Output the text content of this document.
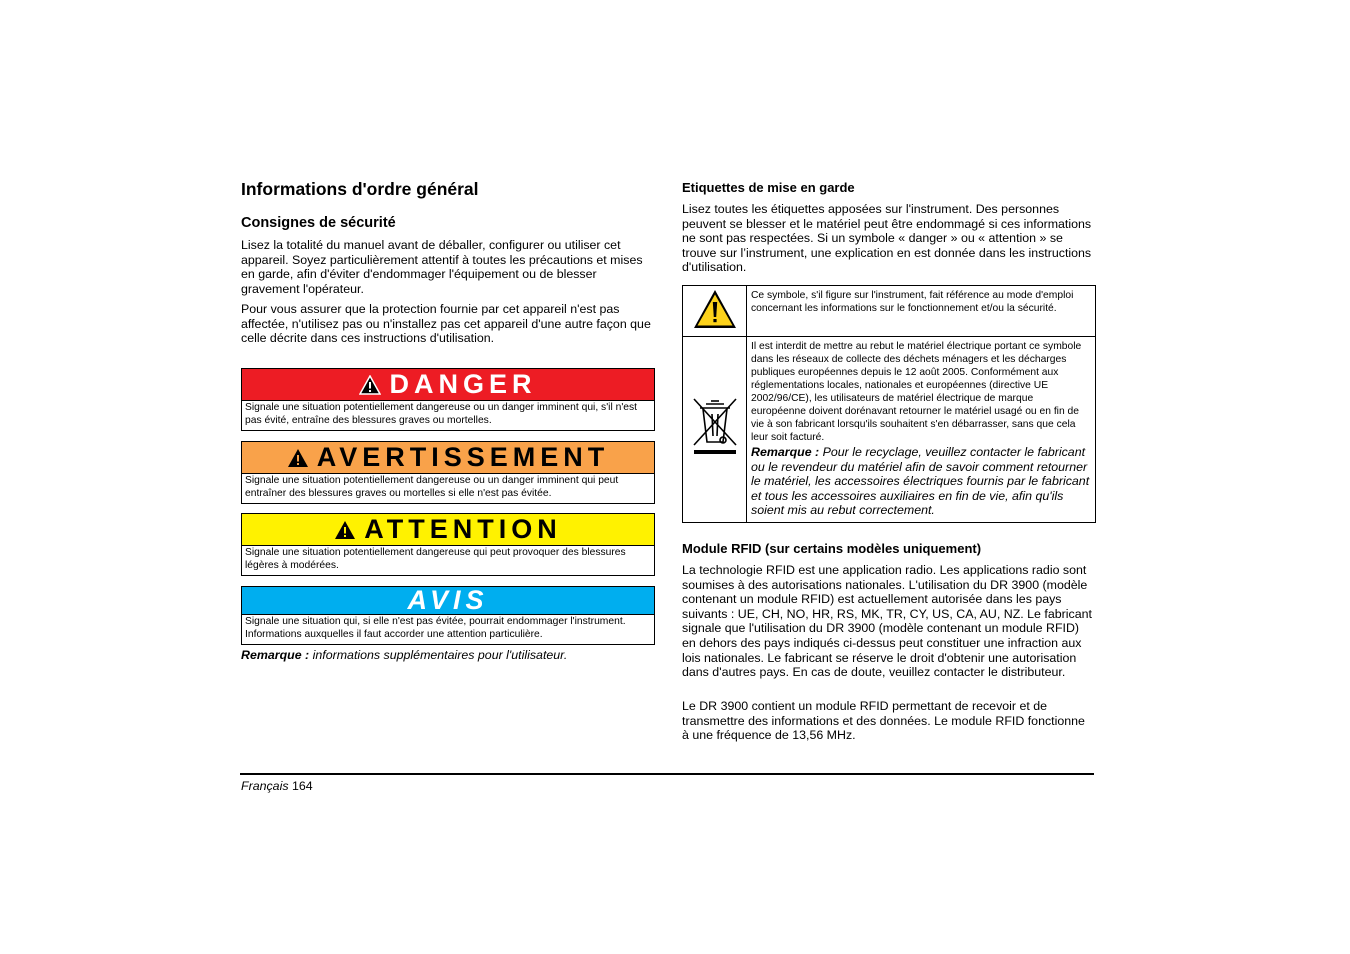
Informations d'ordre général
Consignes de sécurité

Lisez la totalité du manuel avant de déballer, configurer ou utiliser cet appareil. Soyez particulièrement attentif à toutes les précautions et mises en garde, afin d'éviter d'endommager l'équipement ou de blesser gravement l'opérateur.

Pour vous assurer que la protection fournie par cet appareil n'est pas affectée, n'utilisez pas ou n'installez pas cet appareil d'une autre façon que celle décrite dans ces instructions d'utilisation.

DANGER
Signale une situation potentiellement dangereuse ou un danger imminent qui, s'il n'est pas évité, entraîne des blessures graves ou mortelles.
AVERTISSEMENT
Signale une situation potentiellement dangereuse ou un danger imminent qui peut entraîner des blessures graves ou mortelles si elle n'est pas évitée.
ATTENTION
Signale une situation potentiellement dangereuse qui peut provoquer des blessures légères à modérées.
AVIS
Signale une situation qui, si elle n'est pas évitée, pourrait endommager l'instrument. Informations auxquelles il faut accorder une attention particulière.
Remarque : informations supplémentaires pour l'utilisateur.
Etiquettes de mise en garde

Lisez toutes les étiquettes apposées sur l'instrument. Des personnes peuvent se blesser et le matériel peut être endommagé si ces informations ne sont pas respectées. Si un symbole « danger » ou « attention » se trouve sur l’instrument, une explication en est donnée dans les instructions d'utilisation.

	Ce symbole, s'il figure sur l'instrument, fait référence au mode d'emploi concernant les informations sur le fonctionnement et/ou la sécurité.

Il est interdit de mettre au rebut le matériel électrique portant ce symbole dans les réseaux de collecte des déchets ménagers et les décharges publiques européennes depuis le 12 août 2005. Conformément aux réglementations locales, nationales et européennes (directive UE 2002/96/CE), les utilisateurs de matériel électrique de marque européenne doivent dorénavant retourner le matériel usagé ou en fin de vie à son fabricant lorsqu'ils souhaitent s'en débarrasser, sans que cela leur soit facturé.
Remarque : Pour le recyclage, veuillez contacter le fabricant ou le revendeur du matériel afin de savoir comment retourner le matériel, les accessoires électriques fournis par le fabricant et tous les accessoires auxiliaires en fin de vie, afin qu'ils soient mis au rebut correctement.
Module RFID (sur certains modèles uniquement)

La technologie RFID est une application radio. Les applications radio sont soumises à des autorisations nationales. L'utilisation du DR 3900 (modèle contenant un module RFID) est actuellement autorisée dans les pays suivants : UE, CH, NO, HR, RS, MK, TR, CY, US, CA, AU, NZ. Le fabricant signale que l'utilisation du DR 3900 (modèle contenant un module RFID) en dehors des pays indiqués ci-dessus peut constituer une infraction aux lois nationales. Le fabricant se réserve le droit d'obtenir une autorisation dans d'autres pays. En cas de doute, veuillez contacter le distributeur.

Le DR 3900 contient un module RFID permettant de recevoir et de transmettre des informations et des données. Le module RFID fonctionne à une fréquence de 13,56 MHz.

Français 164
